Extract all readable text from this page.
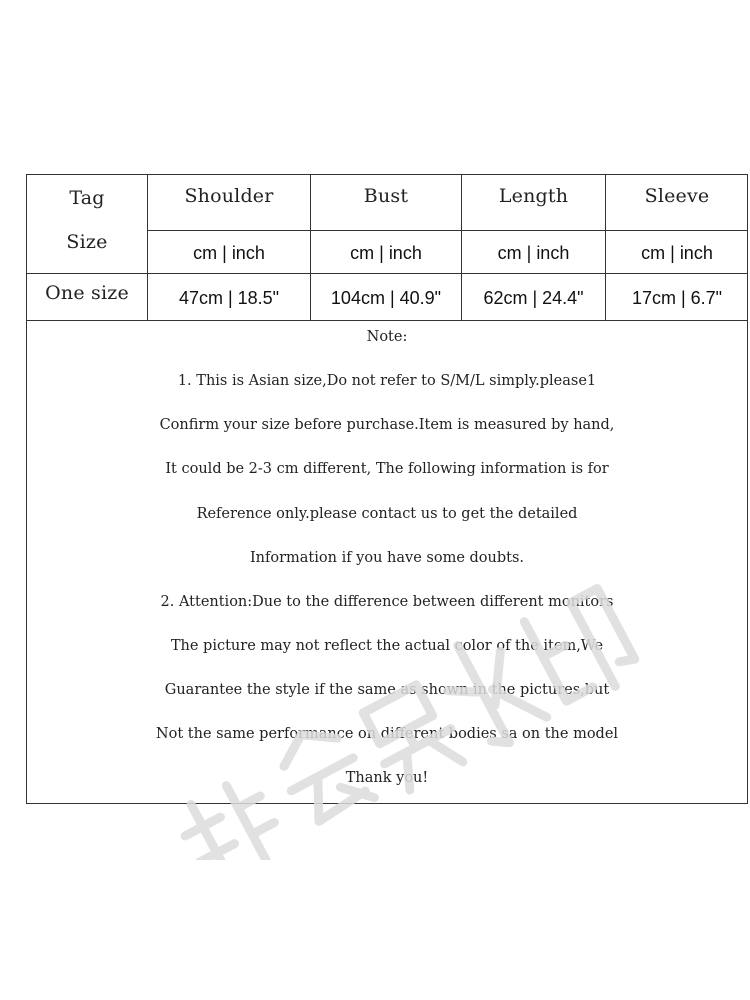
Tag
Size
Shoulder	Bust	Length	Sleeve
cm | inch	cm | inch	cm | inch	cm | inch
One size	47cm | 18.5"	104cm | 40.9"	62cm | 24.4"	17cm | 6.7"
Note:
1. This is Asian size,Do not refer to S/M/L simply.please1
Confirm your size before purchase.Item is measured by hand,
It could be 2-3 cm different, The following information is for
Reference only.please contact us to get the detailed
Information if you have some doubts.
2. Attention:Due to the difference between different monitors
The picture may not reflect the actual color of the item,We
Guarantee the style if the same as shown in the pictures,but
Not the same performance on different bodies sa on the model
Thank you!
